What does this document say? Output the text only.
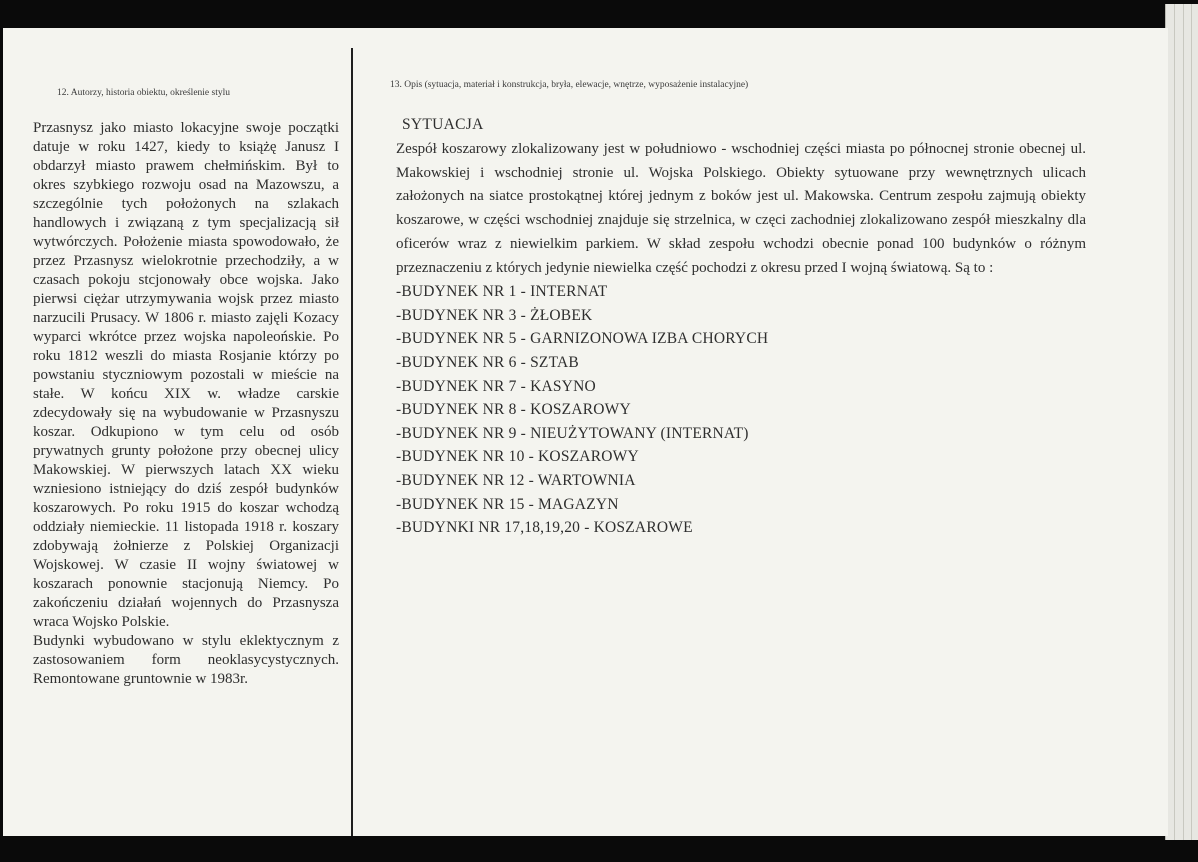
12. Autorzy, historia obiektu, określenie stylu

Przasnysz jako miasto lokacyjne swoje początki datuje w roku 1427, kiedy to książę Janusz I obdarzył miasto prawem chełmińskim. Był to okres szybkiego rozwoju osad na Mazowszu, a szczególnie tych położonych na szlakach handlowych i związaną z tym specjalizacją sił wytwórczych. Położenie miasta spowodowało, że przez Przasnysz wielokrotnie przechodziły, a w czasach pokoju stcjonowały obce wojska. Jako pierwsi ciężar utrzymywania wojsk przez miasto narzucili Prusacy. W 1806 r. miasto zajęli Kozacy wyparci wkrótce przez wojska napoleońskie. Po roku 1812 weszli do miasta Rosjanie którzy po powstaniu styczniowym pozostali w mieście na stałe. W końcu XIX w. władze carskie zdecydowały się na wybudowanie w Przasnyszu koszar. Odkupiono w tym celu od osób prywatnych grunty położone przy obecnej ulicy Makowskiej. W pierwszych latach XX wieku wzniesiono istniejący do dziś zespół budynków koszarowych. Po roku 1915 do koszar wchodzą oddziały niemieckie. 11 listopada 1918 r. koszary zdobywają żołnierze z Polskiej Organizacji Wojskowej. W czasie II wojny światowej w koszarach ponownie stacjonują Niemcy. Po zakończeniu działań wojennych do Przasnysza wraca Wojsko Polskie.

Budynki wybudowano w stylu eklektycznym z zastosowaniem form neoklasycystycznych. Remontowane gruntownie w 1983r.

13. Opis (sytuacja, materiał i konstrukcja, bryła, elewacje, wnętrze, wyposażenie instalacyjne)
SYTUACJA

Zespół koszarowy zlokalizowany jest w południowo - wschodniej części miasta po północnej stronie obecnej ul. Makowskiej i wschodniej stronie ul. Wojska Polskiego. Obiekty sytuowane przy wewnętrznych ulicach założonych na siatce prostokątnej której jednym z boków jest ul. Makowska. Centrum zespołu zajmują obiekty koszarowe, w części wschodniej znajduje się strzelnica, w częci zachodniej zlokalizowano zespół mieszkalny dla oficerów wraz z niewielkim parkiem. W skład zespołu wchodzi obecnie ponad 100 budynków o różnym przeznaczeniu z których jedynie niewielka część pochodzi z okresu przed I wojną światową. Są to :

-BUDYNEK NR 1 - INTERNAT
-BUDYNEK NR 3 - ŻŁOBEK
-BUDYNEK NR 5 - GARNIZONOWA IZBA CHORYCH
-BUDYNEK NR 6 - SZTAB
-BUDYNEK NR 7 - KASYNO
-BUDYNEK NR 8 - KOSZAROWY
-BUDYNEK NR 9 - NIEUŻYTOWANY (INTERNAT)
-BUDYNEK NR 10 - KOSZAROWY
-BUDYNEK NR 12 - WARTOWNIA
-BUDYNEK NR 15 - MAGAZYN
-BUDYNKI NR 17,18,19,20 - KOSZAROWE
